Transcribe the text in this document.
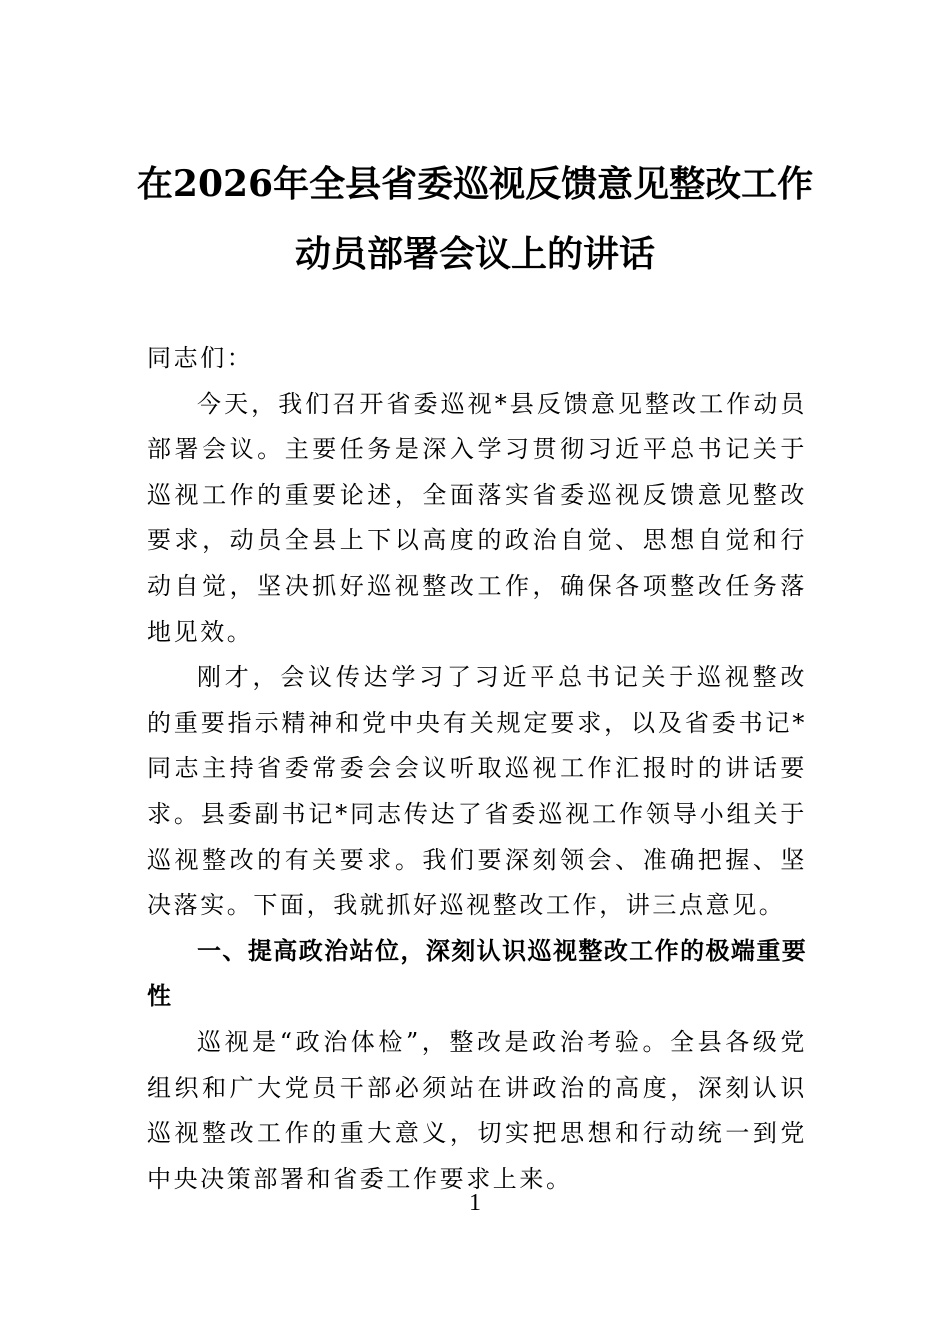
在2026年全县省委巡视反馈意见整改工作
动员部署会议上的讲话

同志们：

今天，我们召开省委巡视*县反馈意见整改工作动员部署会议。主要任务是深入学习贯彻习近平总书记关于巡视工作的重要论述，全面落实省委巡视反馈意见整改要求，动员全县上下以高度的政治自觉、思想自觉和行动自觉，坚决抓好巡视整改工作，确保各项整改任务落地见效。

刚才，会议传达学习了习近平总书记关于巡视整改的重要指示精神和党中央有关规定要求，以及省委书记*同志主持省委常委会会议听取巡视工作汇报时的讲话要求。县委副书记*同志传达了省委巡视工作领导小组关于巡视整改的有关要求。我们要深刻领会、准确把握、坚决落实。下面，我就抓好巡视整改工作，讲三点意见。

一、提高政治站位，深刻认识巡视整改工作的极端重要性

巡视是“政治体检”，整改是政治考验。全县各级党组织和广大党员干部必须站在讲政治的高度，深刻认识巡视整改工作的重大意义，切实把思想和行动统一到党中央决策部署和省委工作要求上来。

1
